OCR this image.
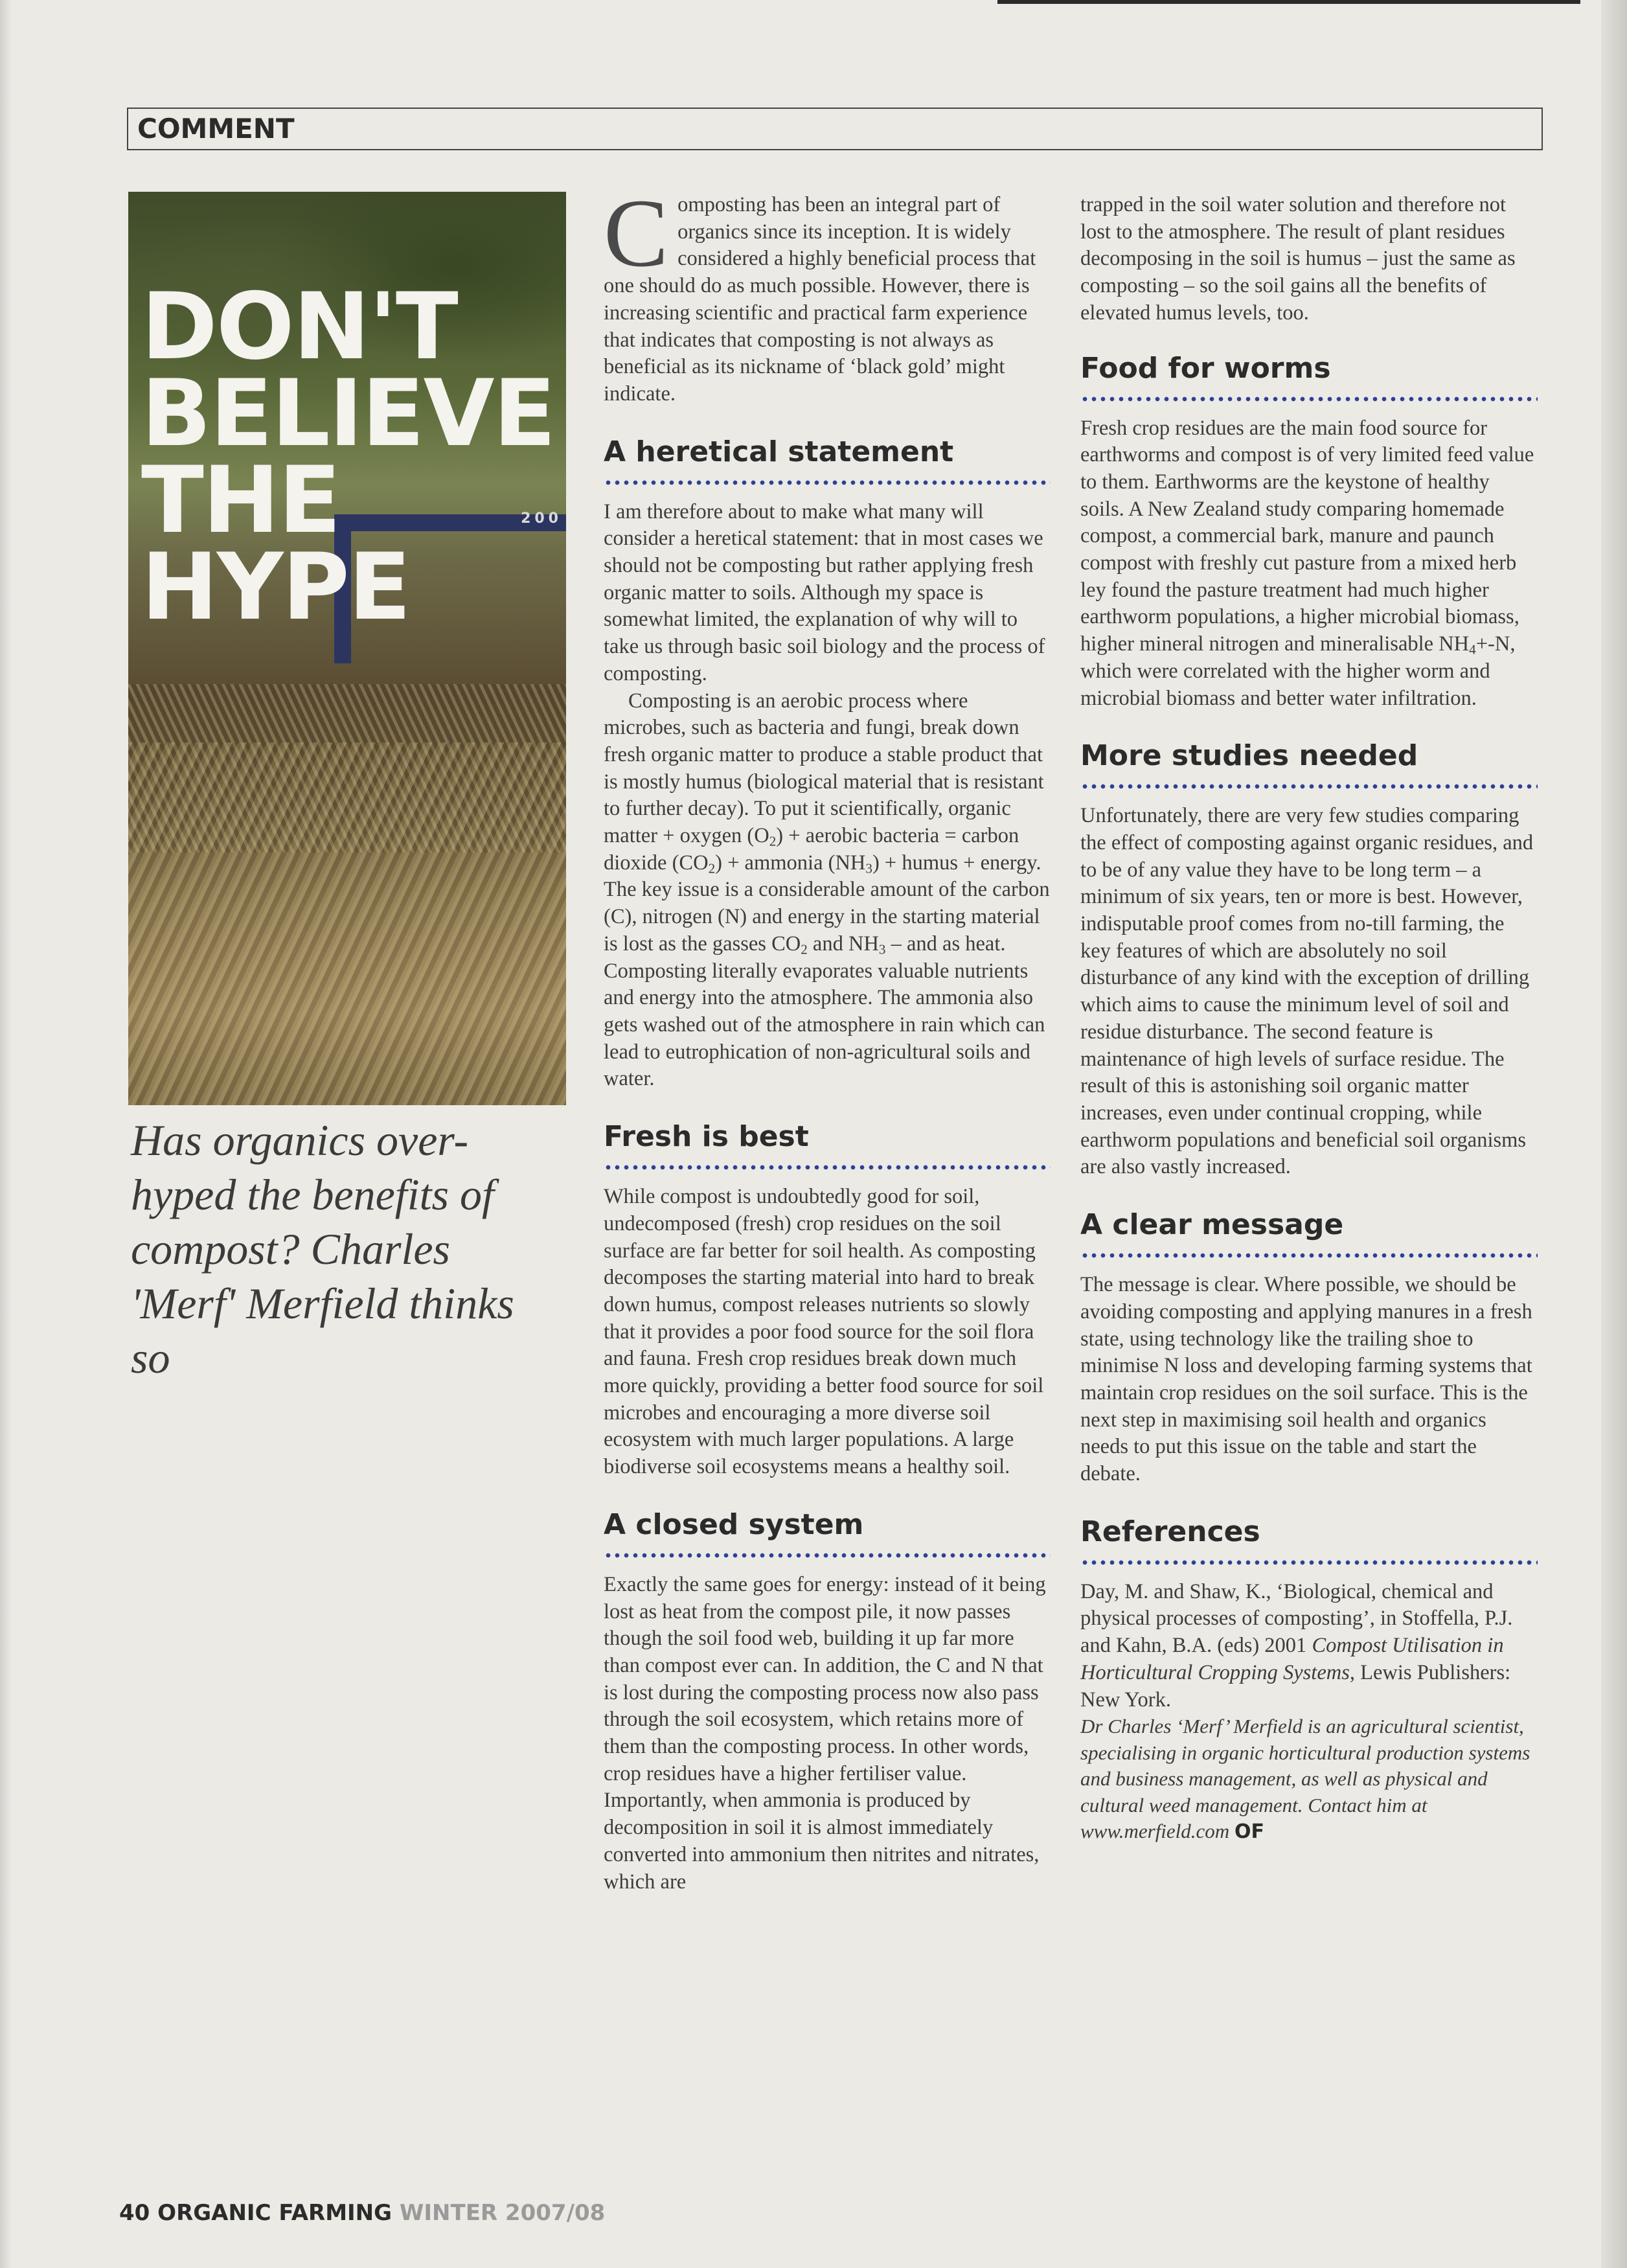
COMMENT
200
DON'T
BELIEVE
THE
HYPE

Has organics over-hyped the benefits of compost? Charles 'Merf' Merfield thinks so

Composting has been an integral part of organics since its inception. It is widely considered a highly beneficial process that one should do as much possible. However, there is increasing scientific and practical farm experience that indicates that composting is not always as beneficial as its nickname of ‘black gold’ might indicate.

A heretical statement

I am therefore about to make what many will consider a heretical statement: that in most cases we should not be composting but rather applying fresh organic matter to soils. Although my space is somewhat limited, the explanation of why will to take us through basic soil biology and the process of composting.

Composting is an aerobic process where microbes, such as bacteria and fungi, break down fresh organic matter to produce a stable product that is mostly humus (biological material that is resistant to further decay). To put it scientifically, organic matter + oxygen $(O_2)$ + aerobic bacteria = carbon dioxide $(CO_2)$ + ammonia $(NH_3)$ + humus + energy. The key issue is a considerable amount of the carbon (C), nitrogen (N) and energy in the starting material is lost as the gasses $CO_2$ and $NH_3$ – and as heat. Composting literally evaporates valuable nutrients and energy into the atmosphere. The ammonia also gets washed out of the atmosphere in rain which can lead to eutrophication of non-agricultural soils and water.

Fresh is best

While compost is undoubtedly good for soil, undecomposed (fresh) crop residues on the soil surface are far better for soil health. As composting decomposes the starting material into hard to break down humus, compost releases nutrients so slowly that it provides a poor food source for the soil flora and fauna. Fresh crop residues break down much more quickly, providing a better food source for soil microbes and encouraging a more diverse soil ecosystem with much larger populations. A large biodiverse soil ecosystems means a healthy soil.

A closed system

Exactly the same goes for energy: instead of it being lost as heat from the compost pile, it now passes though the soil food web, building it up far more than compost ever can. In addition, the C and N that is lost during the composting process now also pass through the soil ecosystem, which retains more of them than the composting process. In other words, crop residues have a higher fertiliser value. Importantly, when ammonia is produced by decomposition in soil it is almost immediately converted into ammonium then nitrites and nitrates, which are

trapped in the soil water solution and therefore not lost to the atmosphere. The result of plant residues decomposing in the soil is humus – just the same as composting – so the soil gains all the benefits of elevated humus levels, too.

Food for worms

Fresh crop residues are the main food source for earthworms and compost is of very limited feed value to them. Earthworms are the keystone of healthy soils. A New Zealand study comparing homemade compost, a commercial bark, manure and paunch compost with freshly cut pasture from a mixed herb ley found the pasture treatment had much higher earthworm populations, a higher microbial biomass, higher mineral nitrogen and mineralisable $NH_4+-N$, which were correlated with the higher worm and microbial biomass and better water infiltration.

More studies needed

Unfortunately, there are very few studies comparing the effect of composting against organic residues, and to be of any value they have to be long term – a minimum of six years, ten or more is best. However, indisputable proof comes from no-till farming, the key features of which are absolutely no soil disturbance of any kind with the exception of drilling which aims to cause the minimum level of soil and residue disturbance. The second feature is maintenance of high levels of surface residue. The result of this is astonishing soil organic matter increases, even under continual cropping, while earthworm populations and beneficial soil organisms are also vastly increased.

A clear message

The message is clear. Where possible, we should be avoiding composting and applying manures in a fresh state, using technology like the trailing shoe to minimise N loss and developing farming systems that maintain crop residues on the soil surface. This is the next step in maximising soil health and organics needs to put this issue on the table and start the debate.

References

Day, M. and Shaw, K., ‘Biological, chemical and physical processes of composting’, in Stoffella, P.J. and Kahn, B.A. (eds) 2001 Compost Utilisation in Horticultural Cropping Systems, Lewis Publishers: New York.

Dr Charles ‘Merf’ Merfield is an agricultural scientist, specialising in organic horticultural production systems and business management, as well as physical and cultural weed management. Contact him at www.merfield.com OF

40 ORGANIC FARMING WINTER 2007/08
